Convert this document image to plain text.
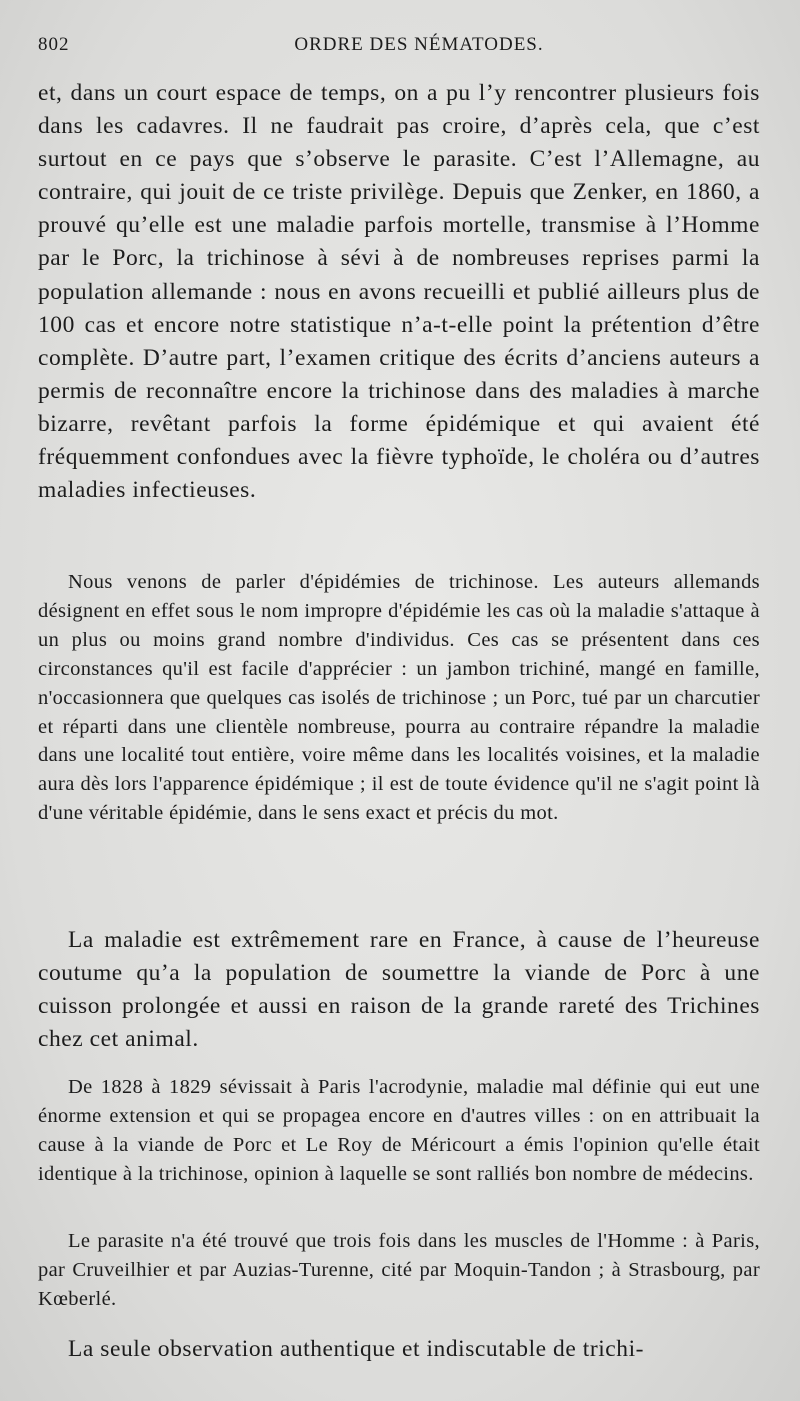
802	ORDRE DES NÉMATODES.

et, dans un court espace de temps, on a pu l’y rencontrer plusieurs fois dans les cadavres. Il ne faudrait pas croire, d’après cela, que c’est surtout en ce pays que s’observe le parasite. C’est l’Allemagne, au contraire, qui jouit de ce triste privilège. Depuis que Zenker, en 1860, a prouvé qu’elle est une maladie parfois mortelle, transmise à l’Homme par le Porc, la trichinose à sévi à de nombreuses reprises parmi la population allemande : nous en avons recueilli et publié ailleurs plus de 100 cas et encore notre statistique n’a-t-elle point la prétention d’être complète. D’autre part, l’examen critique des écrits d’anciens auteurs a permis de reconnaître encore la trichinose dans des maladies à marche bizarre, revêtant parfois la forme épidémique et qui avaient été fréquemment confondues avec la fièvre typhoïde, le choléra ou d’autres maladies infectieuses.

Nous venons de parler d'épidémies de trichinose. Les auteurs allemands désignent en effet sous le nom impropre d'épidémie les cas où la maladie s'attaque à un plus ou moins grand nombre d'individus. Ces cas se présentent dans ces circonstances qu'il est facile d'apprécier : un jambon trichiné, mangé en famille, n'occasionnera que quelques cas isolés de trichinose ; un Porc, tué par un charcutier et réparti dans une clientèle nombreuse, pourra au contraire répandre la maladie dans une localité tout entière, voire même dans les localités voisines, et la maladie aura dès lors l'apparence épidémique ; il est de toute évidence qu'il ne s'agit point là d'une véritable épidémie, dans le sens exact et précis du mot.

La maladie est extrêmement rare en France, à cause de l’heureuse coutume qu’a la population de soumettre la viande de Porc à une cuisson prolongée et aussi en raison de la grande rareté des Trichines chez cet animal.

De 1828 à 1829 sévissait à Paris l'acrodynie, maladie mal définie qui eut une énorme extension et qui se propagea encore en d'autres villes : on en attribuait la cause à la viande de Porc et Le Roy de Méricourt a émis l'opinion qu'elle était identique à la trichinose, opinion à laquelle se sont ralliés bon nombre de médecins.

Le parasite n'a été trouvé que trois fois dans les muscles de l'Homme : à Paris, par Cruveilhier et par Auzias-Turenne, cité par Moquin-Tandon ; à Strasbourg, par Kœberlé.

La seule observation authentique et indiscutable de trichi-
